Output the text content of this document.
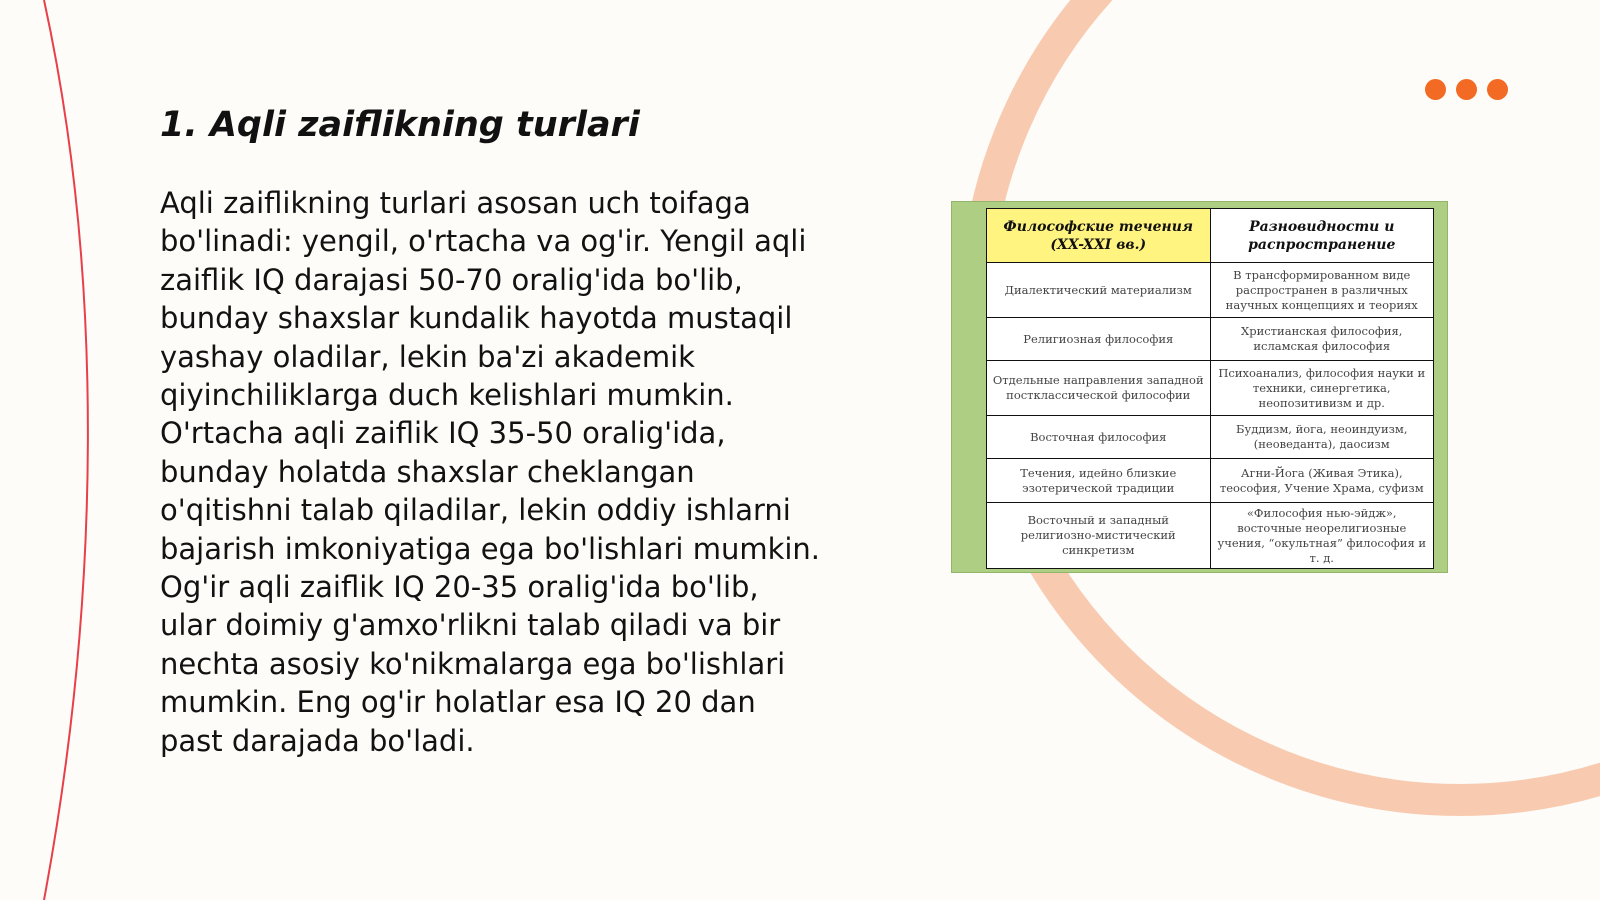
1. Aqli zaiflikning turlari

Aqli zaiflikning turlari asosan uch toifaga bo'linadi: yengil, o'rtacha va og'ir. Yengil aqli zaiflik IQ darajasi 50-70 oralig'ida bo'lib, bunday shaxslar kundalik hayotda mustaqil yashay oladilar, lekin ba'zi akademik qiyinchiliklarga duch kelishlari mumkin. O'rtacha aqli zaiflik IQ 35-50 oralig'ida, bunday holatda shaxslar cheklangan o'qitishni talab qiladilar, lekin oddiy ishlarni bajarish imkoniyatiga ega bo'lishlari mumkin. Og'ir aqli zaiflik IQ 20-35 oralig'ida bo'lib, ular doimiy g'amxo'rlikni talab qiladi va bir nechta asosiy ko'nikmalarga ega bo'lishlari mumkin. Eng og'ir holatlar esa IQ 20 dan past darajada bo'ladi.

Философские течения (XX-XXI вв.)	Разновидности и распространение
Диалектический материализм	В трансформированном виде распространен в различных научных концепциях и теориях
Религиозная философия	Христианская философия, исламская философия
Отдельные направления западной постклассической философии	Психоанализ, философия науки и техники, синергетика, неопозитивизм и др.
Восточная философия	Буддизм, йога, неоиндуизм, (неоведанта), даосизм
Течения, идейно близкие эзотерической традиции	Агни-Йога (Живая Этика), теософия, Учение Храма, суфизм
Восточный и западный религиозно-мистический синкретизм	«Философия нью-эйдж», восточные неорелигиозные учения, “окультная” философия и т. д.
